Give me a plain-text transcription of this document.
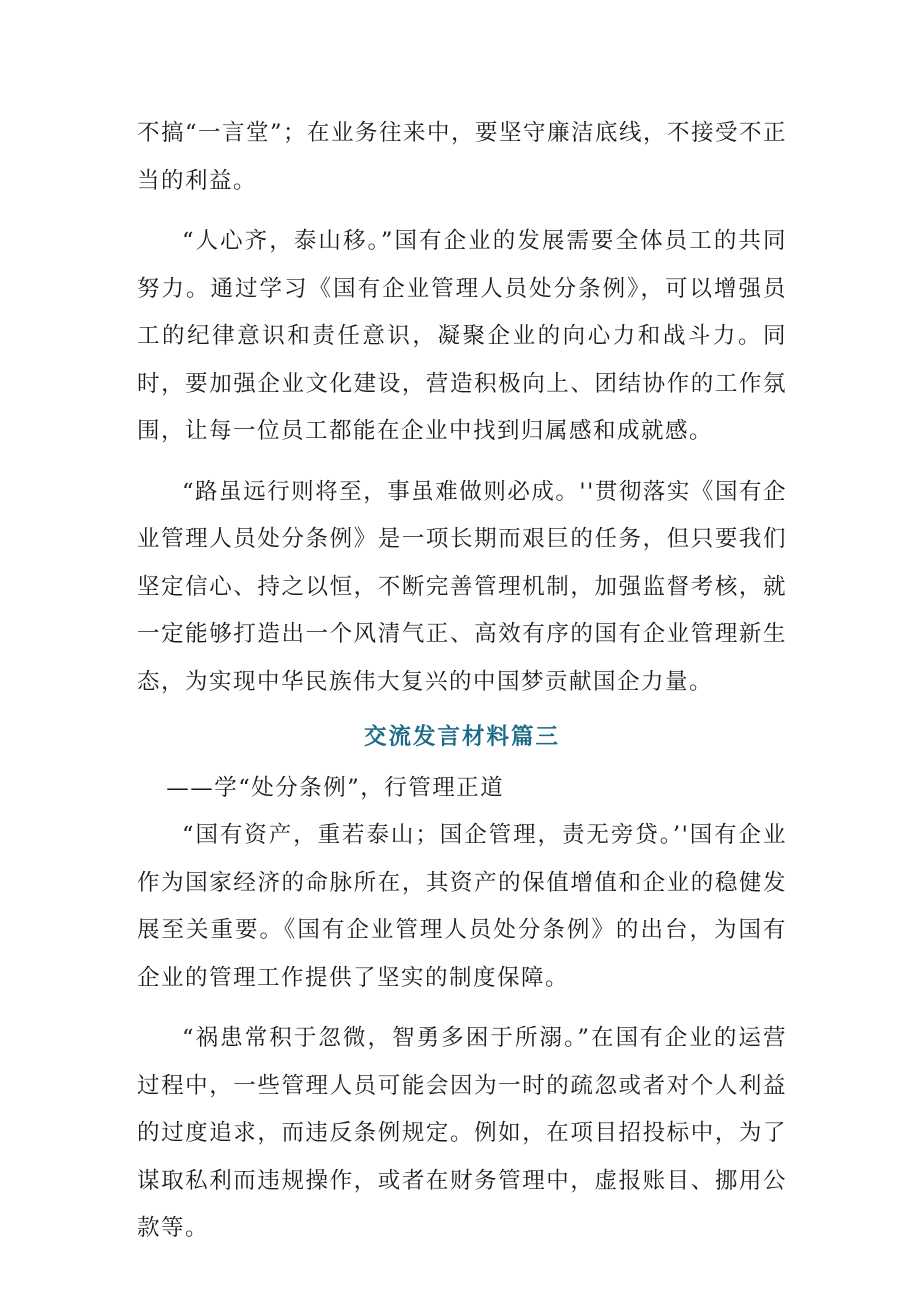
不搞“一言堂”；在业务往来中，要坚守廉洁底线，不接受不正当的利益。

“人心齐，泰山移。”国有企业的发展需要全体员工的共同努力。通过学习《国有企业管理人员处分条例》，可以增强员工的纪律意识和责任意识，凝聚企业的向心力和战斗力。同时，要加强企业文化建设，营造积极向上、团结协作的工作氛围，让每一位员工都能在企业中找到归属感和成就感。

“路虽远行则将至，事虽难做则必成。''贯彻落实《国有企业管理人员处分条例》是一项长期而艰巨的任务，但只要我们坚定信心、持之以恒，不断完善管理机制，加强监督考核，就一定能够打造出一个风清气正、高效有序的国有企业管理新生态，为实现中华民族伟大复兴的中国梦贡献国企力量。

交流发言材料篇三

——学“处分条例”，行管理正道

“国有资产，重若泰山；国企管理，责无旁贷。’'国有企业作为国家经济的命脉所在，其资产的保值增值和企业的稳健发展至关重要。《国有企业管理人员处分条例》的出台，为国有企业的管理工作提供了坚实的制度保障。

“祸患常积于忽微，智勇多困于所溺。”在国有企业的运营过程中，一些管理人员可能会因为一时的疏忽或者对个人利益的过度追求，而违反条例规定。例如，在项目招投标中，为了谋取私利而违规操作，或者在财务管理中，虚报账目、挪用公款等。
